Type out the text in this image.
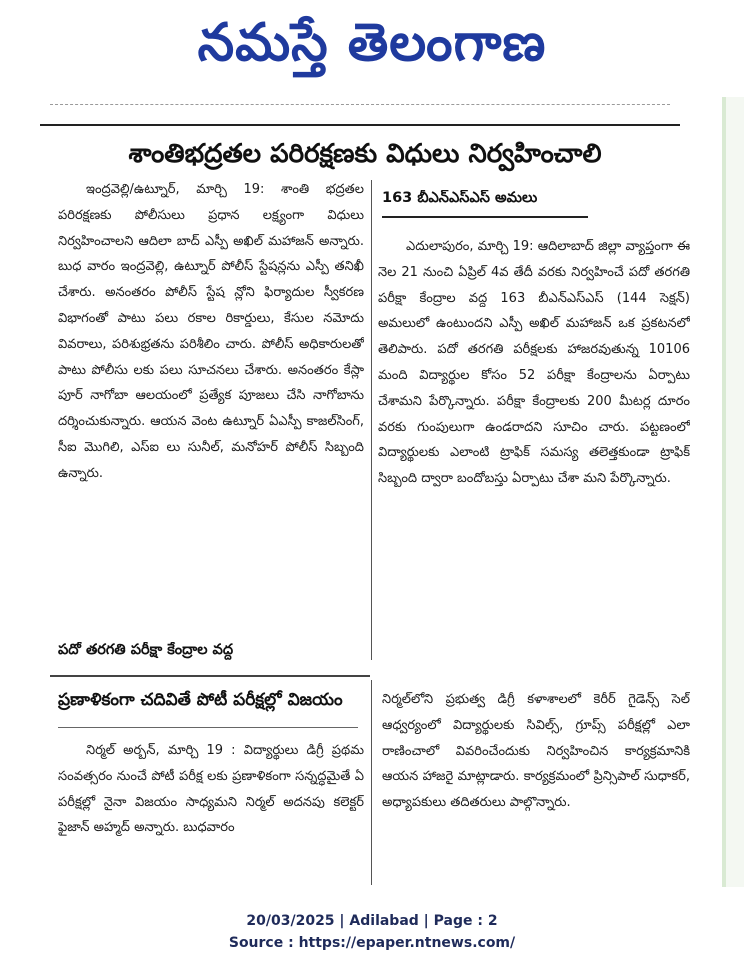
నమస్తే తెలంగాణ
శాంతిభద్రతల పరిరక్షణకు విధులు నిర్వహించాలి

ఇంద్రవెల్లి/ఉట్నూర్, మార్చి 19: శాంతి భద్రతల పరిరక్షణకు పోలీసులు ప్రధాన లక్ష్యంగా విధులు నిర్వహించాలని ఆదిలా బాద్ ఎస్పీ అఖిల్ మహాజన్ అన్నారు. బుధ వారం ఇంద్రవెల్లి, ఉట్నూర్ పోలీస్ స్టేషన్లను ఎస్పీ తనిఖీ చేశారు. అనంతరం పోలీస్ స్టేష న్లోని ఫిర్యాదుల స్వీకరణ విభాగంతో పాటు పలు రకాల రికార్డులు, కేసుల నమోదు వివరాలు, పరిశుభ్రతను పరిశీలిం చారు. పోలీస్ అధికారులతో పాటు పోలీసు లకు పలు సూచనలు చేశారు. అనంతరం కేస్లా పూర్ నాగోబా ఆలయంలో ప్రత్యేక పూజలు చేసి నాగోబాను దర్శించుకున్నారు. ఆయన వెంట ఉట్నూర్ ఏఎస్పీ కాజల్‌సింగ్, సీఐ మొగిలి, ఎస్ఐ లు సునీల్, మనోహర్ పోలీస్ సిబ్బంది ఉన్నారు.

163 బీఎన్ఎస్ఎస్ అమలు

ఎదులాపురం, మార్చి 19: ఆదిలాబాద్ జిల్లా వ్యాప్తంగా ఈ నెల 21 నుంచి ఏప్రిల్ 4వ తేదీ వరకు నిర్వహించే పదో తరగతి పరీక్షా కేంద్రాల వద్ద 163 బీఎన్ఎస్ఎస్ (144 సెక్షన్) అమలులో ఉంటుందని ఎస్పీ అఖిల్ మహాజన్ ఒక ప్రకటనలో తెలిపారు. పదో తరగతి పరీక్షలకు హాజరవుతున్న 10106 మంది విద్యార్థుల కోసం 52 పరీక్షా కేంద్రాలను ఏర్పాటు చేశామని పేర్కొన్నారు. పరీక్షా కేంద్రాలకు 200 మీటర్ల దూరం వరకు గుంపులుగా ఉండరాదని సూచిం చారు. పట్టణంలో విద్యార్థులకు ఎలాంటి ట్రాఫిక్ సమస్య తలెత్తకుండా ట్రాఫిక్ సిబ్బంది ద్వారా బందోబస్తు ఏర్పాటు చేశా మని పేర్కొన్నారు.

పదో తరగతి పరీక్షా కేంద్రాల వద్ద
ప్రణాళికంగా చదివితే పోటీ పరీక్షల్లో విజయం

నిర్మల్ అర్బన్, మార్చి 19 : విద్యార్థులు డిగ్రీ ప్రథమ సంవత్సరం నుంచే పోటీ పరీక్ష లకు ప్రణాళికంగా సన్నద్ధమైతే ఏ పరీక్షల్లో నైనా విజయం సాధ్యమని నిర్మల్ అదనపు కలెక్టర్ ఫైజాన్ అహ్మద్ అన్నారు. బుధవారం

నిర్మల్‌లోని ప్రభుత్వ డిగ్రీ కళాశాలలో కెరీర్ గైడెన్స్ సెల్ ఆధ్వర్యంలో విద్యార్థులకు సివిల్స్, గ్రూప్స్ పరీక్షల్లో ఎలా రాణించాలో వివరించేందుకు నిర్వహించిన కార్యక్రమానికి ఆయన హాజరై మాట్లాడారు. కార్యక్రమంలో ప్రిన్సిపాల్ సుధాకర్, అధ్యాపకులు తదితరులు పాల్గొన్నారు.

20/03/2025 | Adilabad | Page : 2
Source : https://epaper.ntnews.com/
